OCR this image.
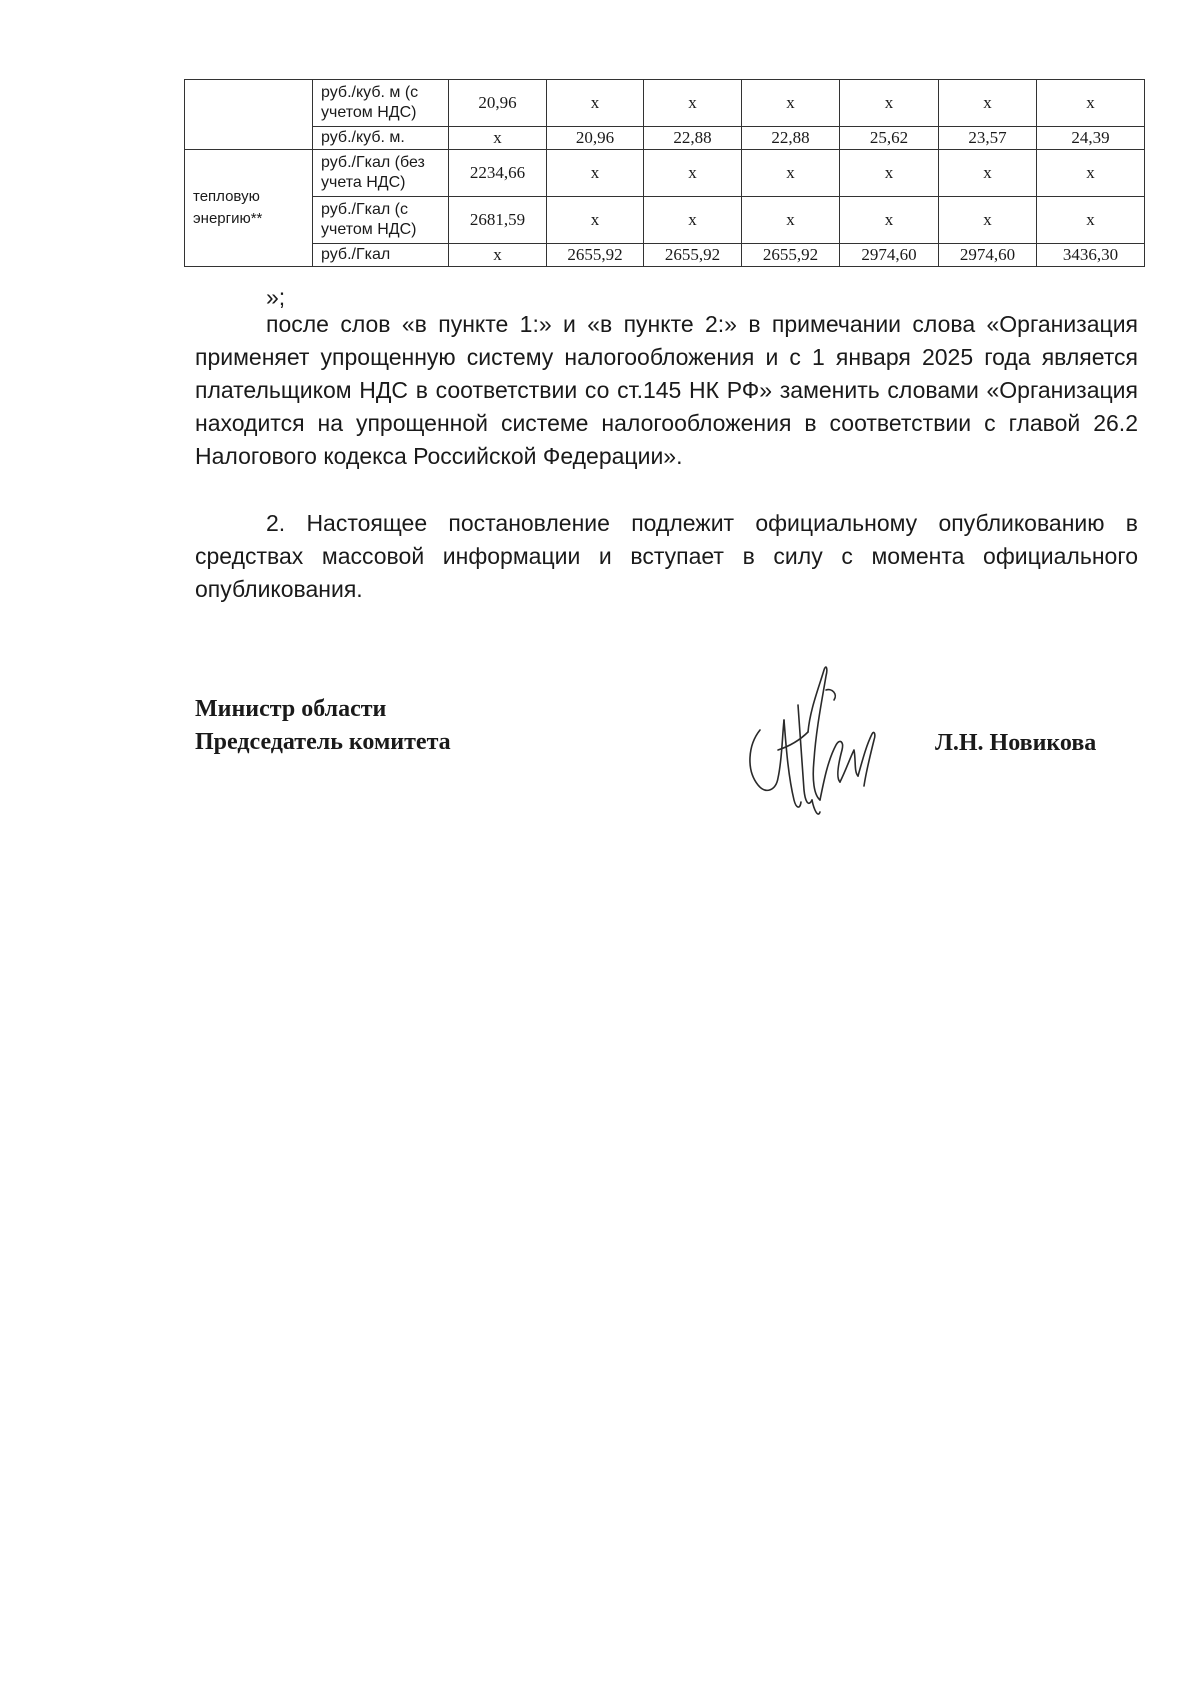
	руб./куб. м (с учетом НДС)	20,96	х	х	х	х	х	х
	руб./куб. м.	х	20,96	22,88	22,88	25,62	23,57	24,39
тепловую энергию**	руб./Гкал (без учета НДС)	2234,66	х	х	х	х	х	х
	руб./Гкал (с учетом НДС)	2681,59	х	х	х	х	х	х
	руб./Гкал	х	2655,92	2655,92	2655,92	2974,60	2974,60	3436,30
»;

после слов «в пункте 1:» и «в пункте 2:» в примечании слова «Организация применяет упрощенную систему налогообложения и с 1 января 2025 года является плательщиком НДС в соответствии со ст.145 НК РФ» заменить словами «Организация находится на упрощенной системе налогообложения в соответствии с главой 26.2 Налогового кодекса Российской Федерации».

2. Настоящее постановление подлежит официальному опубликованию в средствах массовой информации и вступает в силу с момента официального опубликования.

Министр области
Председатель комитета	Л.Н. Новикова
